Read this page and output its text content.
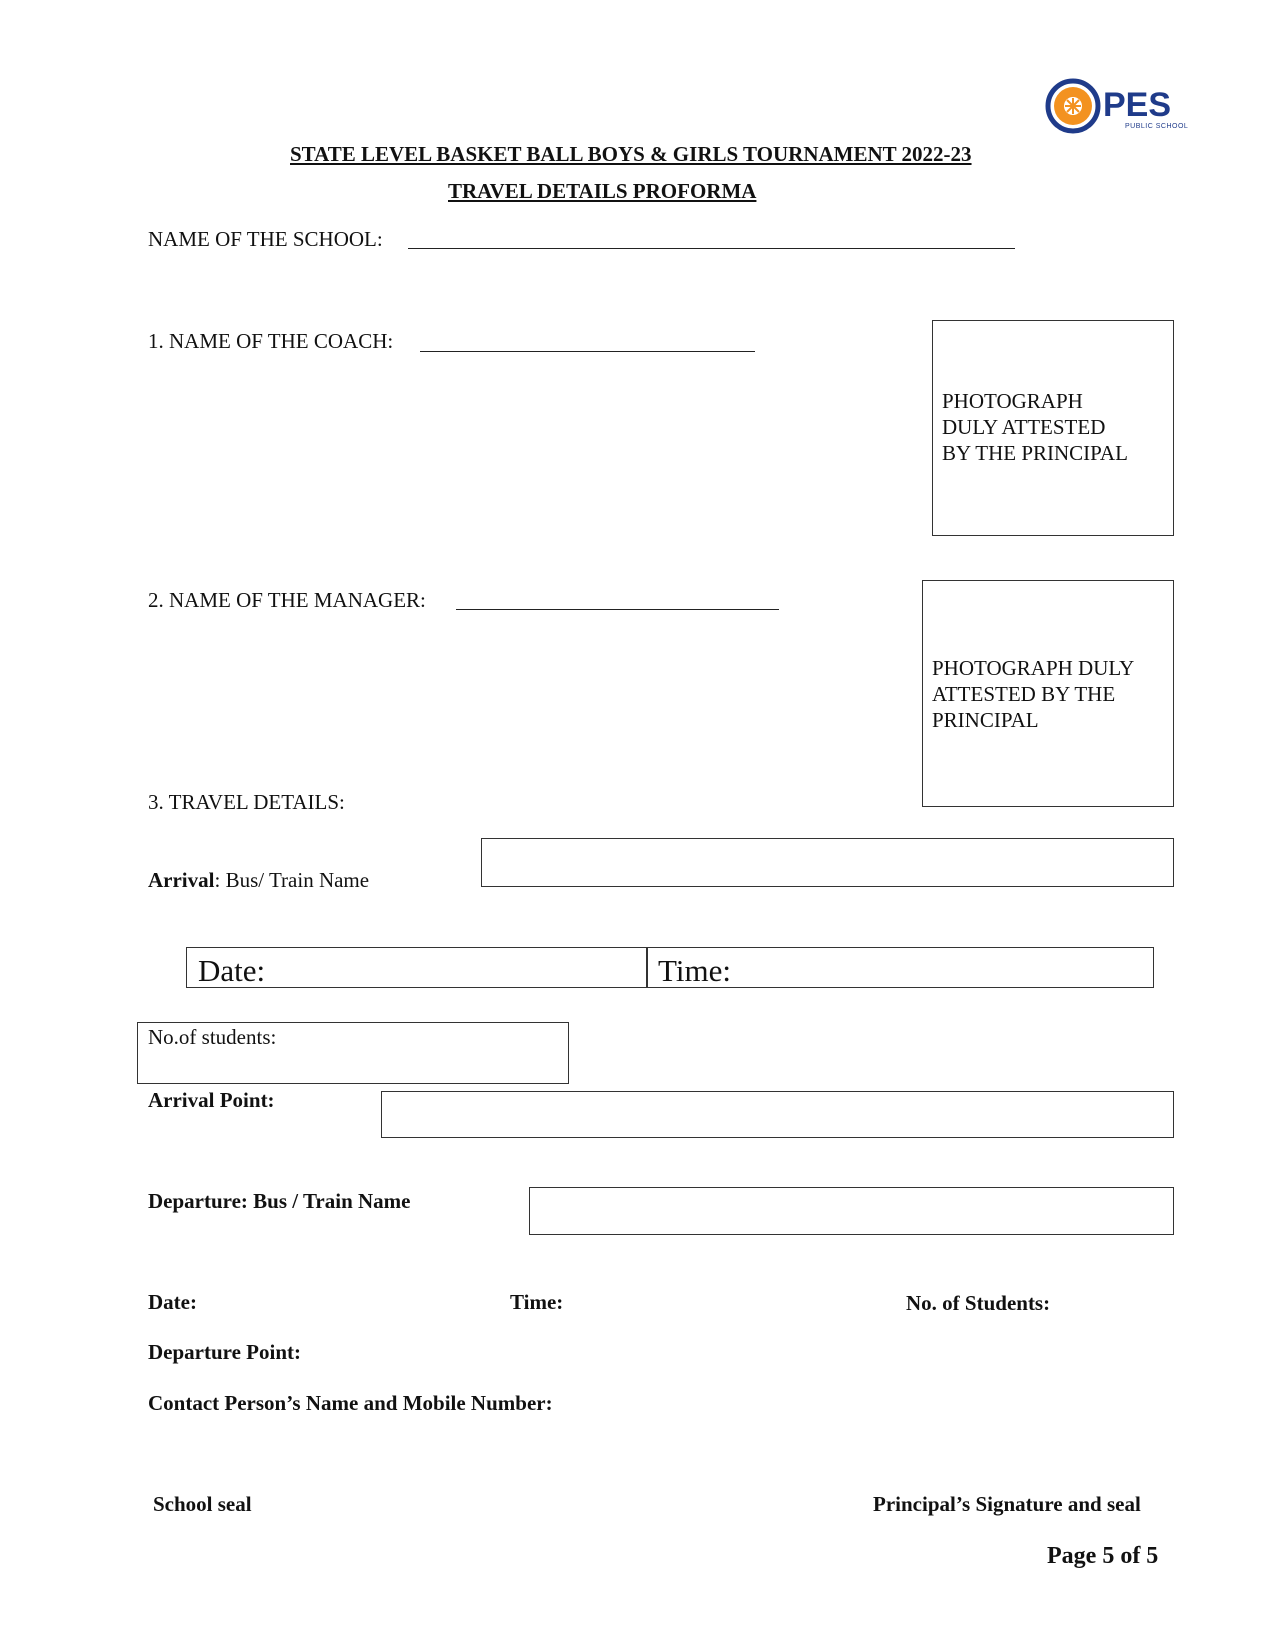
PES
PUBLIC SCHOOL
STATE LEVEL BASKET BALL BOYS & GIRLS TOURNAMENT 2022-23
TRAVEL DETAILS PROFORMA
NAME OF THE SCHOOL:
1. NAME OF THE COACH:
PHOTOGRAPH
DULY ATTESTED
BY THE PRINCIPAL
2. NAME OF THE MANAGER:
PHOTOGRAPH DULY
ATTESTED BY THE
PRINCIPAL
3. TRAVEL DETAILS:
Arrival: Bus/ Train Name
Date:	Time:
No.of students:
Arrival Point:
Departure: Bus / Train Name
Date:	Time:	No. of Students:
Departure Point:
Contact Person’s Name and Mobile Number:
School seal	Principal’s Signature and seal
Page 5 of 5
